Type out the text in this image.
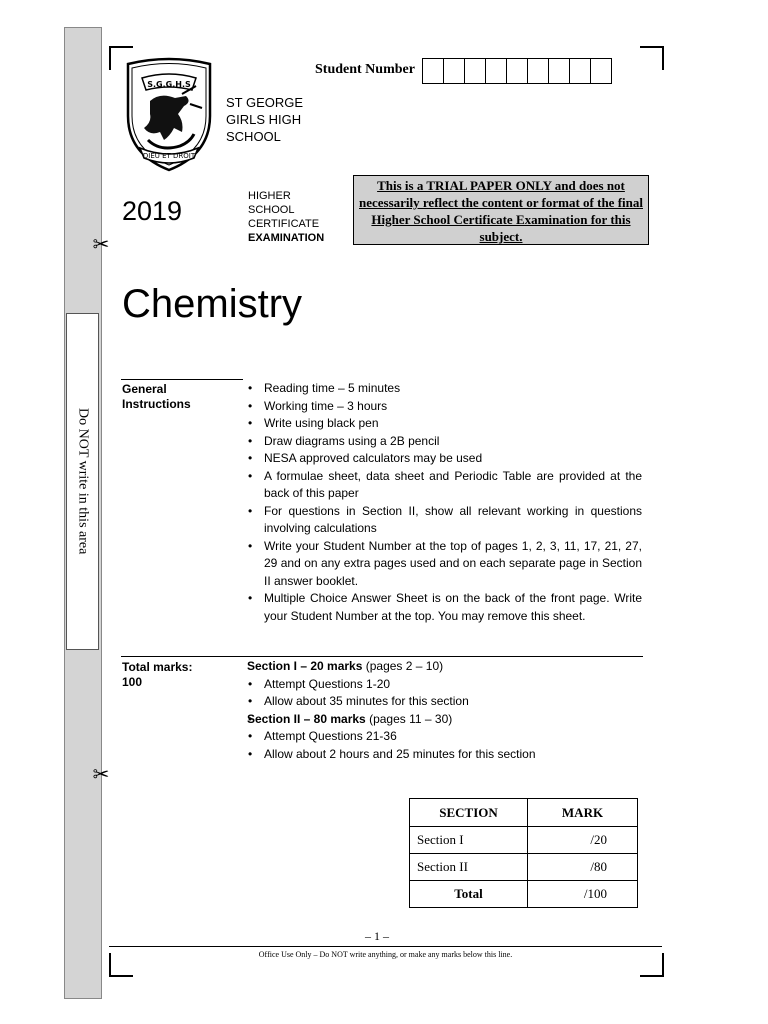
Do NOT write in this area
✂
✂
S.G.G.H.S
DIEU ET DROIT
Student Number
ST GEORGE
GIRLS HIGH
SCHOOL
2019	HIGHER
SCHOOL
CERTIFICATE
EXAMINATION
This is a TRIAL PAPER ONLY and does not necessarily reflect the content or format of the final Higher School Certificate Examination for this subject.
Chemistry
General
Instructions
• Reading time – 5 minutes
• Working time – 3 hours
• Write using black pen
• Draw diagrams using a 2B pencil
• NESA approved calculators may be used
• A formulae sheet, data sheet and Periodic Table are provided at the back of this paper
• For questions in Section II, show all relevant working in questions involving calculations
• Write your Student Number at the top of pages 1, 2, 3, 11, 17, 21, 27, 29 and on any extra pages used and on each separate page in Section II answer booklet.
• Multiple Choice Answer Sheet is on the back of the front page. Write your Student Number at the top. You may remove this sheet.
Total marks:
100
Section I – 20 marks (pages 2 – 10)
• Attempt Questions 1-20
• Allow about 35 minutes for this section
Section II – 80 marks (pages 11 – 30)
• Attempt Questions 21-36
• Allow about 2 hours and 25 minutes for this section
SECTION	MARK
Section I	/20
Section II	/80
Total	/100
– 1 –
Office Use Only – Do NOT write anything, or make any marks below this line.
